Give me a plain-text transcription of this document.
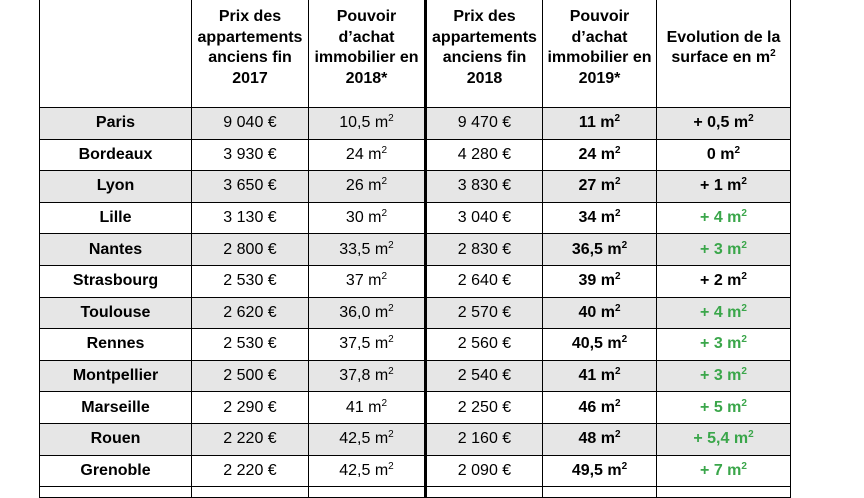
	Prix des appartements anciens fin 2017	Pouvoir d’achat immobilier en 2018*	Prix des appartements anciens fin 2018	Pouvoir d’achat immobilier en 2019*	Evolution de la surface en $m^2$
Paris	9 040 €	10,5 $m^2$	9 470 €	11 $m^2$	+ 0,5 $m^2$
Bordeaux	3 930 €	24 $m^2$	4 280 €	24 $m^2$	0 $m^2$
Lyon	3 650 €	26 $m^2$	3 830 €	27 $m^2$	+ 1 $m^2$
Lille	3 130 €	30 $m^2$	3 040 €	34 $m^2$	+ 4 $m^2$
Nantes	2 800 €	33,5 $m^2$	2 830 €	36,5 $m^2$	+ 3 $m^2$
Strasbourg	2 530 €	37 $m^2$	2 640 €	39 $m^2$	+ 2 $m^2$
Toulouse	2 620 €	36,0 $m^2$	2 570 €	40 $m^2$	+ 4 $m^2$
Rennes	2 530 €	37,5 $m^2$	2 560 €	40,5 $m^2$	+ 3 $m^2$
Montpellier	2 500 €	37,8 $m^2$	2 540 €	41 $m^2$	+ 3 $m^2$
Marseille	2 290 €	41 $m^2$	2 250 €	46 $m^2$	+ 5 $m^2$
Rouen	2 220 €	42,5 $m^2$	2 160 €	48 $m^2$	+ 5,4 $m^2$
Grenoble	2 220 €	42,5 $m^2$	2 090 €	49,5 $m^2$	+ 7 $m^2$
